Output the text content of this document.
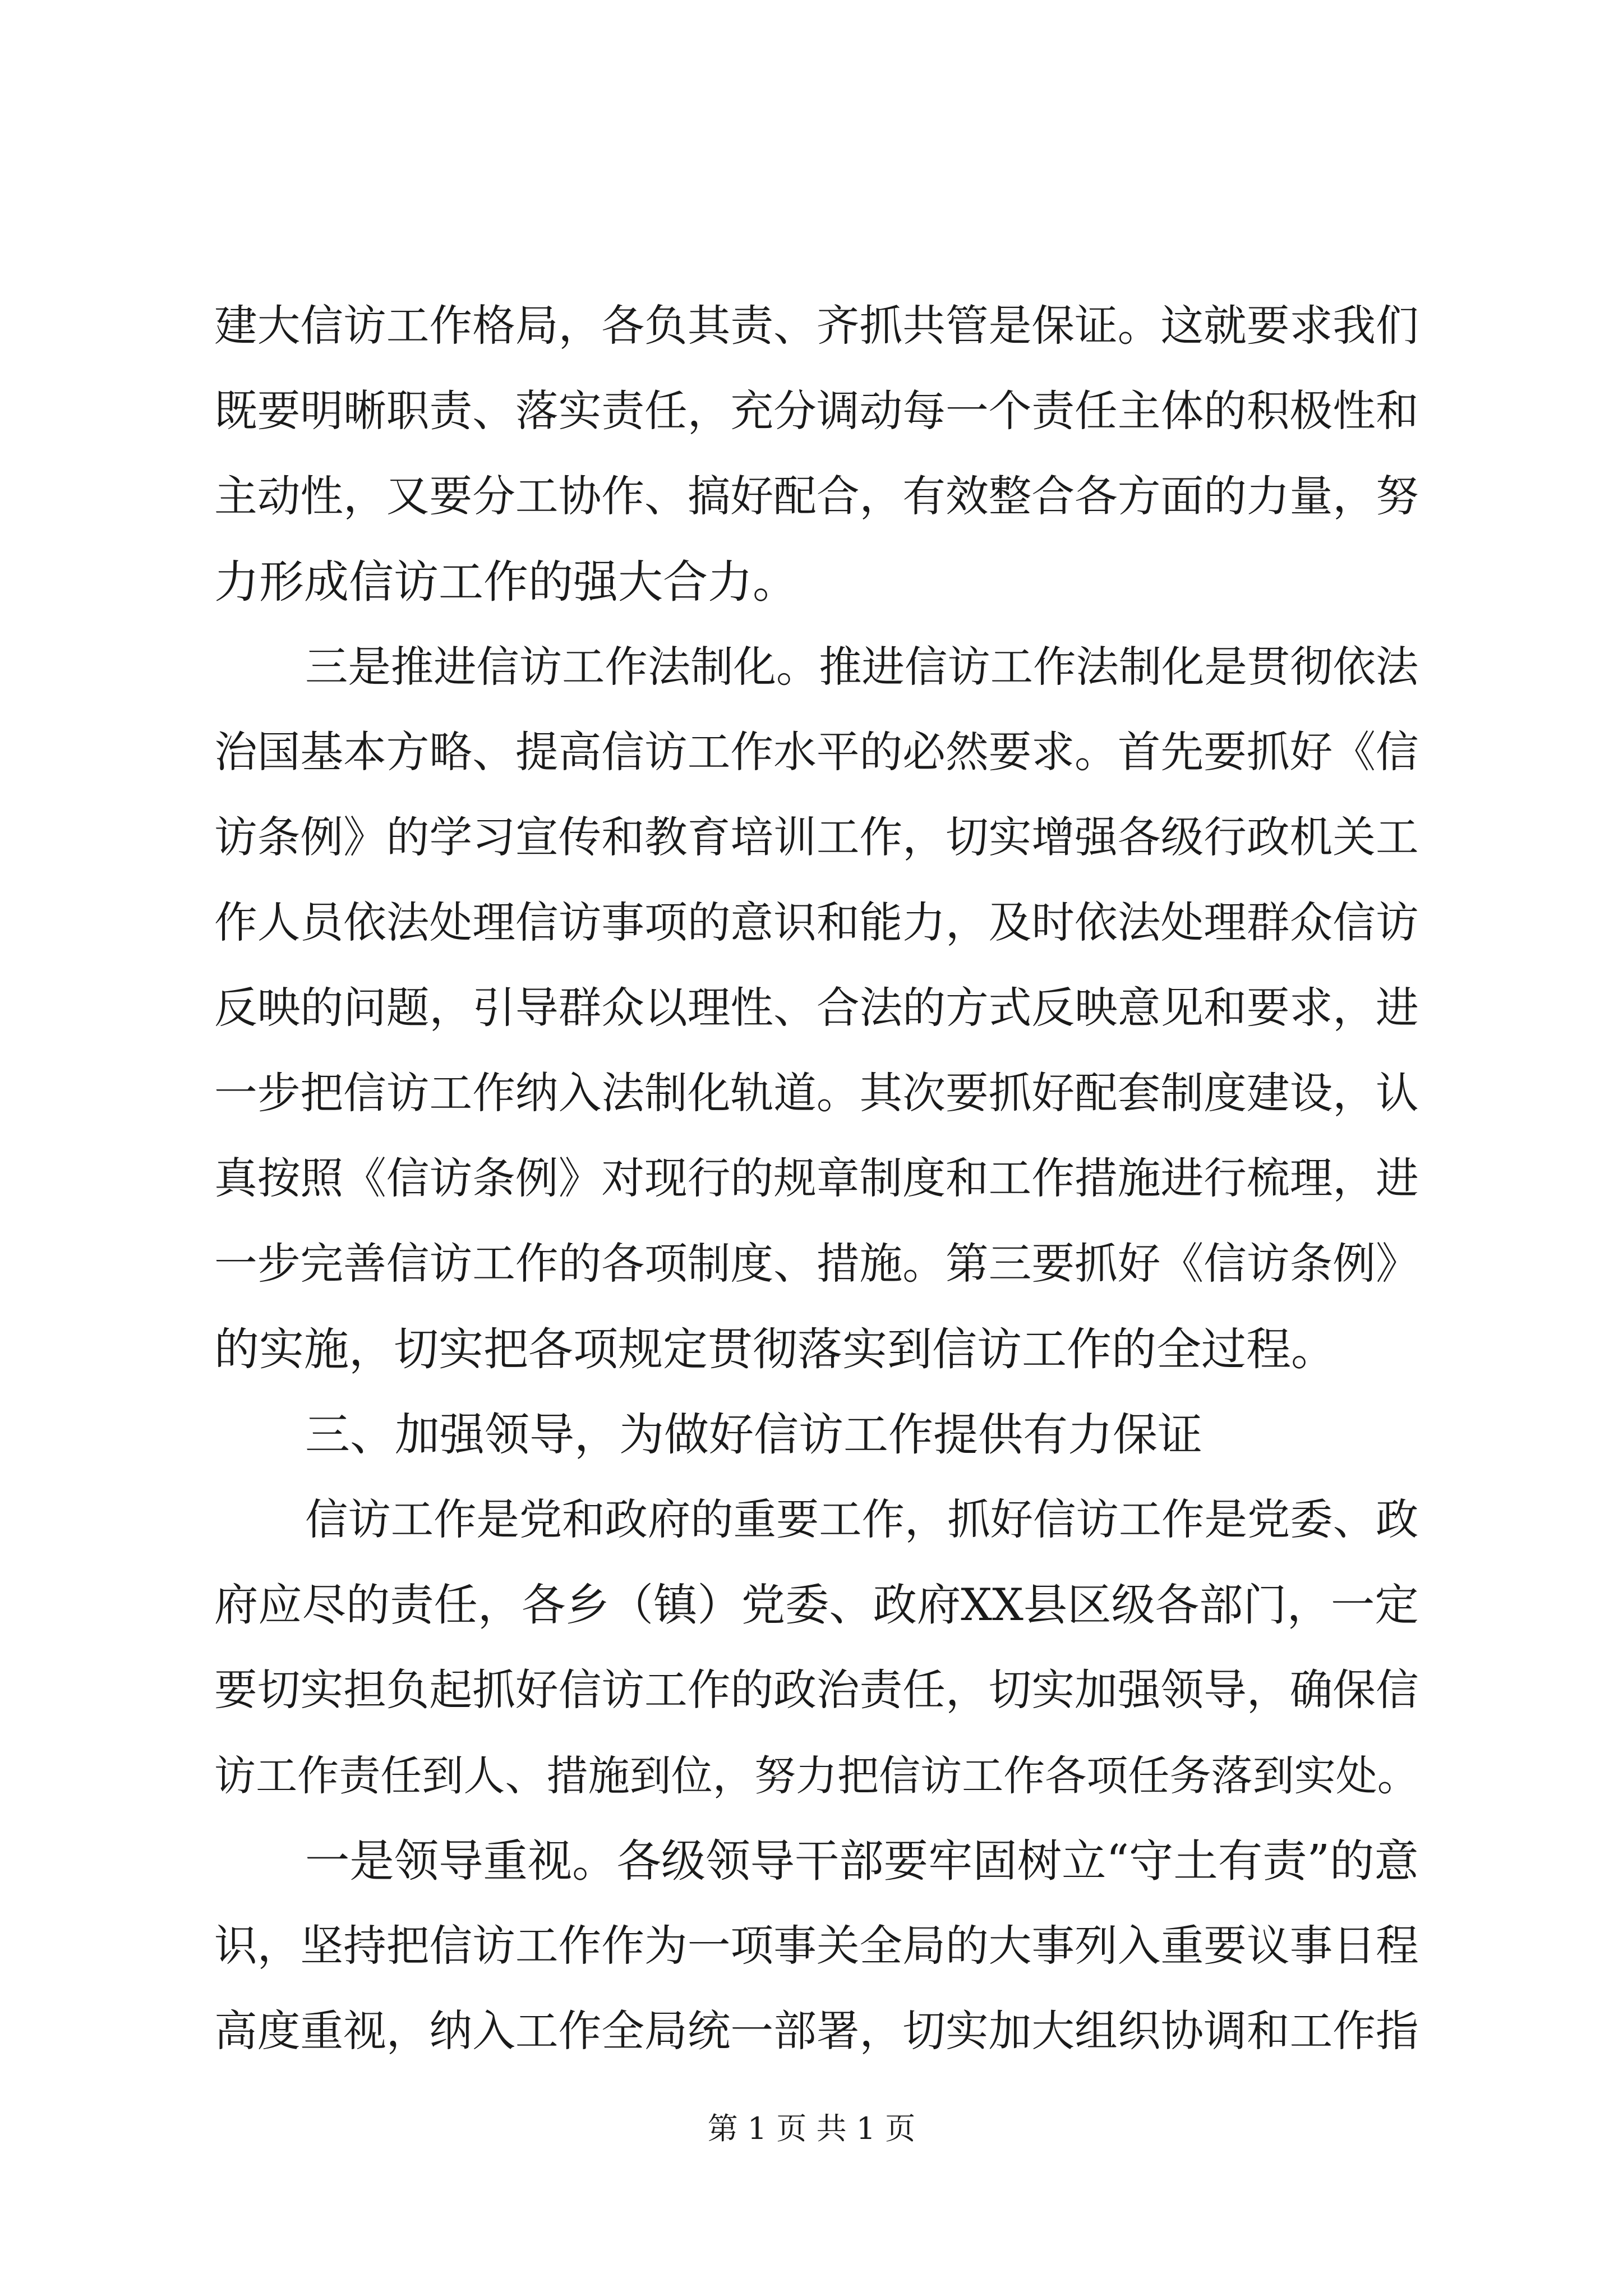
建大信访工作格局，各负其责、齐抓共管是保证。这就要求我们
既要明晰职责、落实责任，充分调动每一个责任主体的积极性和
主动性，又要分工协作、搞好配合，有效整合各方面的力量，努
力形成信访工作的强大合力。
三是推进信访工作法制化。推进信访工作法制化是贯彻依法
治国基本方略、提高信访工作水平的必然要求。首先要抓好《信
访条例》的学习宣传和教育培训工作，切实增强各级行政机关工
作人员依法处理信访事项的意识和能力，及时依法处理群众信访
反映的问题，引导群众以理性、合法的方式反映意见和要求，进
一步把信访工作纳入法制化轨道。其次要抓好配套制度建设，认
真按照《信访条例》对现行的规章制度和工作措施进行梳理，进
一步完善信访工作的各项制度、措施。第三要抓好《信访条例》
的实施，切实把各项规定贯彻落实到信访工作的全过程。
三、加强领导，为做好信访工作提供有力保证
信访工作是党和政府的重要工作，抓好信访工作是党委、政
府应尽的责任，各乡（镇）党委、政府XX县区级各部门，一定
要切实担负起抓好信访工作的政治责任，切实加强领导，确保信
访工作责任到人、措施到位，努力把信访工作各项任务落到实处。
一是领导重视。各级领导干部要牢固树立“守土有责”的意
识，坚持把信访工作作为一项事关全局的大事列入重要议事日程
高度重视，纳入工作全局统一部署，切实加大组织协调和工作指
第 1 页 共 1 页
